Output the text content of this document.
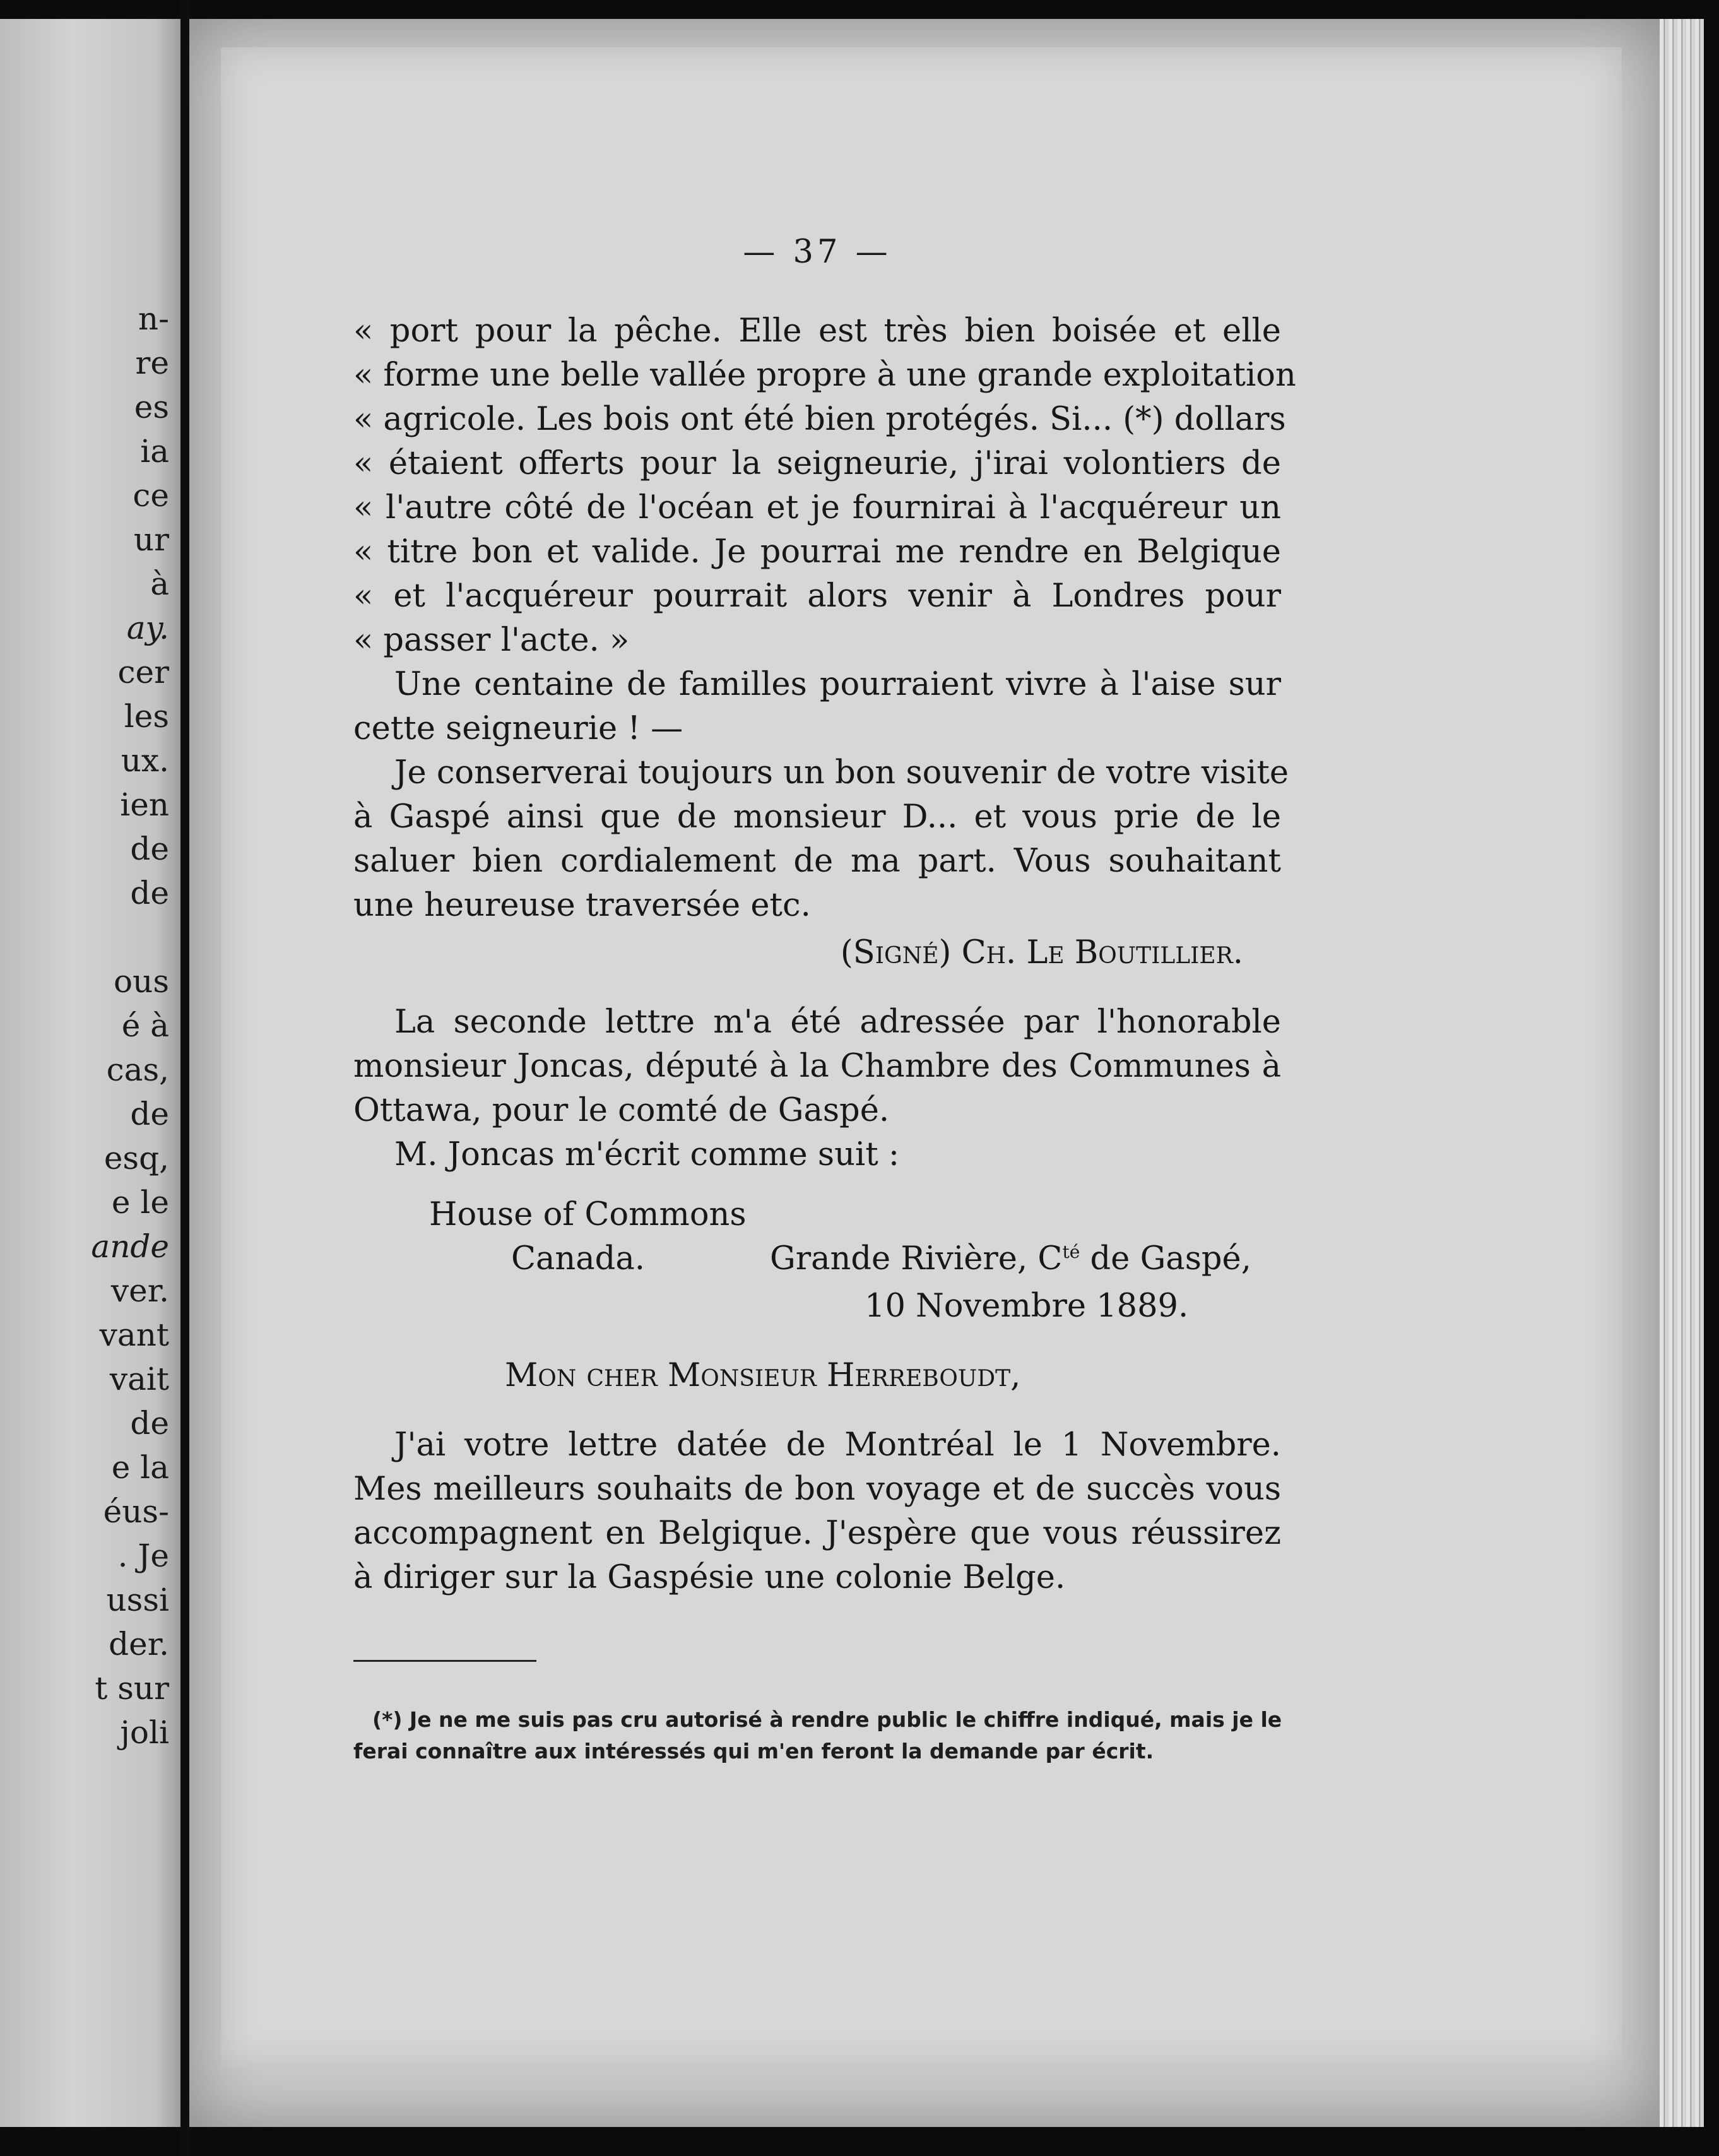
n-
re
es
ia
ce
ur
à
ay.
cer
les
ux.
ien
de
de
ous
é à
cas,
de
esq,
e le
ande
ver.
vant
vait
de
e la
éus-
. Je
ussi
der.
t sur
joli
— 37 —
« port pour la pêche. Elle est très bien boisée et elle
« forme une belle vallée propre à une grande exploitation
« agricole. Les bois ont été bien protégés. Si... (*) dollars
« étaient offerts pour la seigneurie, j'irai volontiers de
« l'autre côté de l'océan et je fournirai à l'acquéreur un
« titre bon et valide. Je pourrai me rendre en Belgique
« et l'acquéreur pourrait alors venir à Londres pour
« passer l'acte. »
Une centaine de familles pourraient vivre à l'aise sur
cette seigneurie ! —
Je conserverai toujours un bon souvenir de votre visite
à Gaspé ainsi que de monsieur D... et vous prie de le
saluer bien cordialement de ma part. Vous souhaitant
une heureuse traversée etc.
(Signé) Ch. Le Boutillier.
La seconde lettre m'a été adressée par l'honorable
monsieur Joncas, député à la Chambre des Communes à
Ottawa, pour le comté de Gaspé.
M. Joncas m'écrit comme suit :
House of Commons
Canada.	Grande Rivière, $C^{té}$ de Gaspé,
10 Novembre 1889.
Mon cher Monsieur Herreboudt,
J'ai votre lettre datée de Montréal le 1 Novembre.
Mes meilleurs souhaits de bon voyage et de succès vous
accompagnent en Belgique. J'espère que vous réussirez
à diriger sur la Gaspésie une colonie Belge.
(*) Je ne me suis pas cru autorisé à rendre public le chiffre indiqué, mais je le
ferai connaître aux intéressés qui m'en feront la demande par écrit.
